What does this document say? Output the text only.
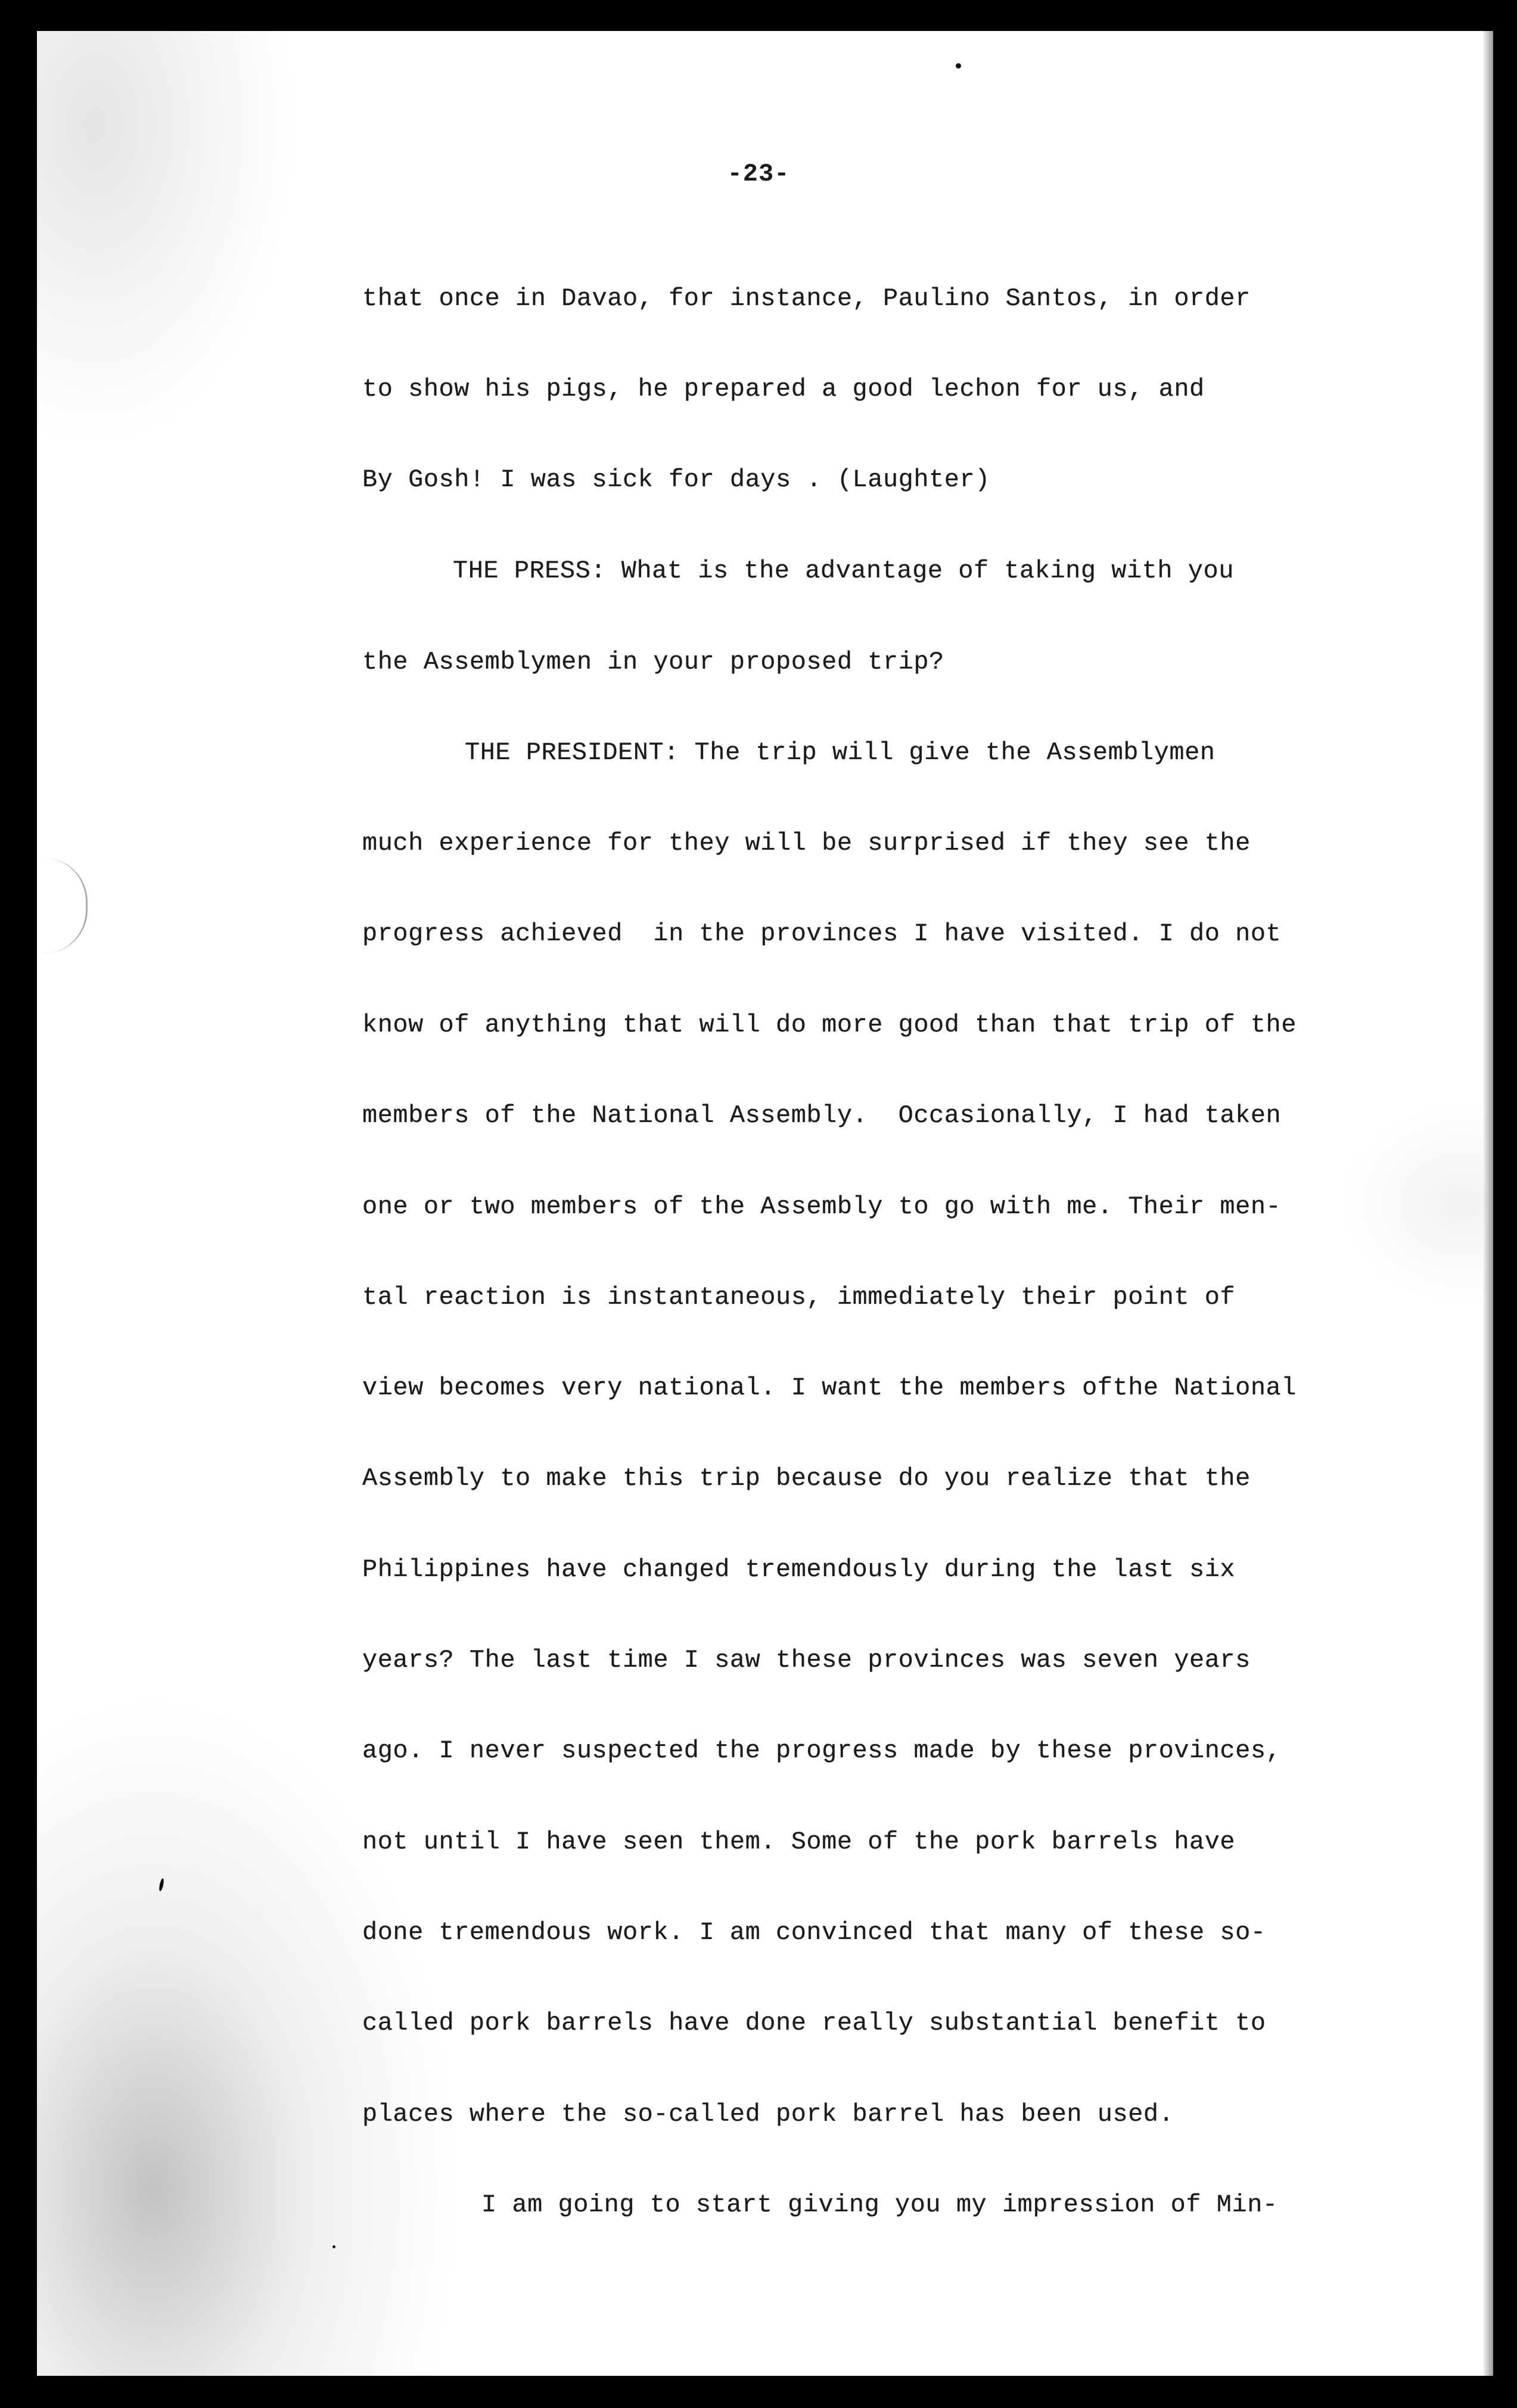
-23-
that once in Davao, for instance, Paulino Santos, in order
to show his pigs, he prepared a good lechon for us, and
By Gosh! I was sick for days . (Laughter)
THE PRESS: What is the advantage of taking with you
the Assemblymen in your proposed trip?
THE PRESIDENT: The trip will give the Assemblymen
much experience for they will be surprised if they see the
progress achieved  in the provinces I have visited. I do not
know of anything that will do more good than that trip of the
members of the National Assembly.  Occasionally, I had taken
one or two members of the Assembly to go with me. Their men-
tal reaction is instantaneous, immediately their point of
view becomes very national. I want the members ofthe National
Assembly to make this trip because do you realize that the
Philippines have changed tremendously during the last six
years? The last time I saw these provinces was seven years
ago. I never suspected the progress made by these provinces,
not until I have seen them. Some of the pork barrels have
done tremendous work. I am convinced that many of these so-
called pork barrels have done really substantial benefit to
places where the so-called pork barrel has been used.
I am going to start giving you my impression of Min-
